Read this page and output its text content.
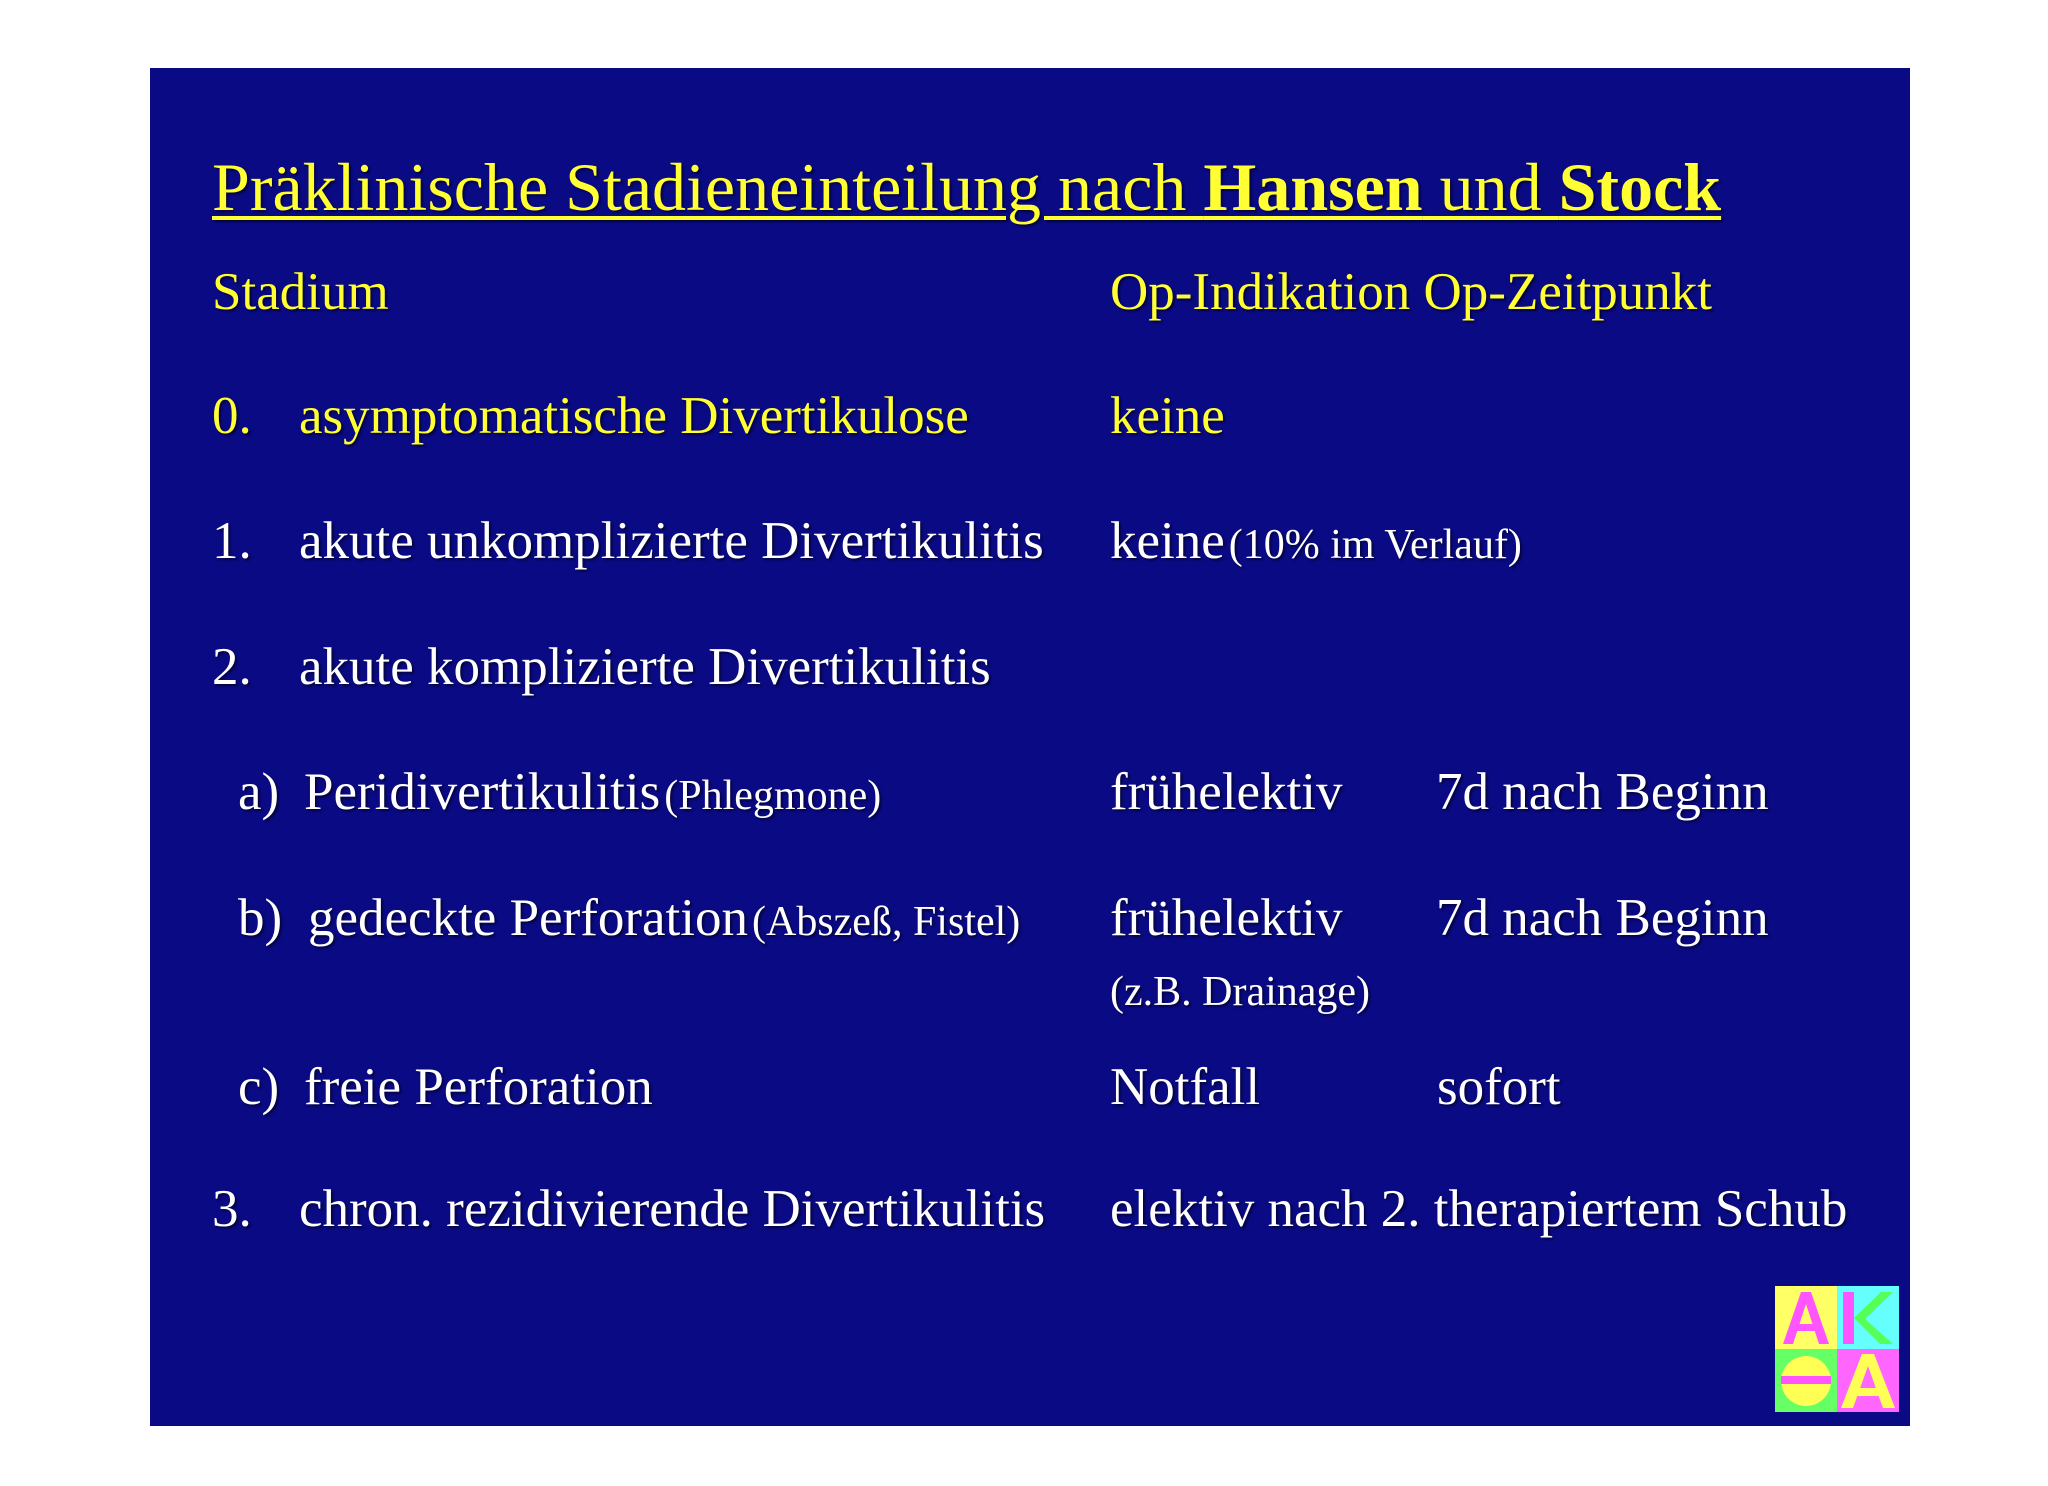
Präklinische Stadieneinteilung nach Hansen und Stock
Stadium	Op-Indikation Op-Zeitpunkt
0. asymptomatische Divertikulose	keine
1. akute unkomplizierte Divertikulitis keine (10% im Verlauf)
2. akute komplizierte Divertikulitis
a) Peridivertikulitis (Phlegmone)	frühelektiv 7d nach Beginn
b) gedeckte Perforation (Abszeß, Fistel) frühelektiv 7d nach Beginn
(z.B. Drainage)
c) freie Perforation	Notfall	sofort
3. chron. rezidivierende Divertikulitis elektiv nach 2. therapiertem Schub
